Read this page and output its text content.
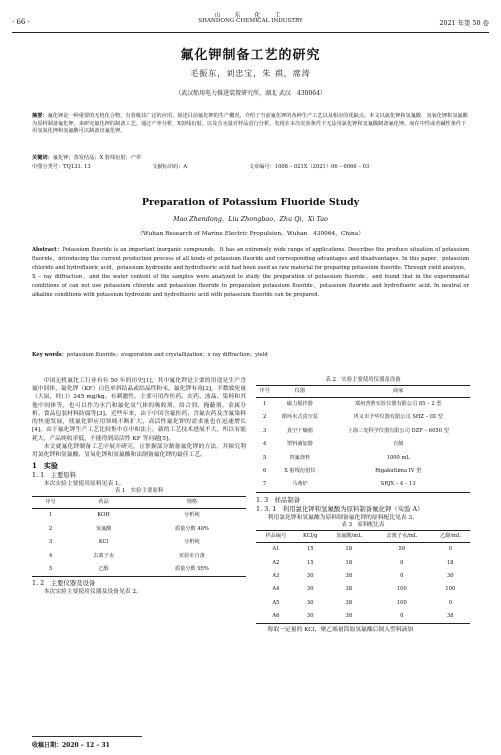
· 66 ·
山 东 化 工
SHANDONG CHEMICAL INDUSTRY	2021 年第 50 卷
氟化钾制备工艺的研究
毛振东，刘忠宝，朱 祺，席涛
（武汉船用电力推进装置研究所，湖北 武汉　430064）
摘要：氟化钾是一种重要的无机化合物，有着极其广泛的应用。简述目前氟化钾的生产概况，介绍了当前氟化钾的各种生产工艺以及相应的优缺点。本文以氯化钾和氢氟酸、氢氧化钾和氢氟酸为原料制备氟化钾，来研究氟化钾的制备工艺。通过产率分析，X射线衍射，以及含水量对样品进行分析，发现在本次实验条件下无法用氯化钾和氢氟酸制备氟化钾。而在中性或者碱性条件下用氢氧化钾和氢氟酸可以制备出氟化钾。
关键词：氟化钾；蒸发结晶；X 射线衍射；产率
中图分类号：TQ131. 13	文献标识码：A	文章编号：1008 – 021X（2021）06 – 0066 – 03
Preparation of Potassium Fluoride Study
Mao Zhendong，Liu Zhongbao，Zhu Qi，Xi Tao
（Wuhan Research of Marine Electric Propulsion，Wuhan　430064，China）
Abstract：Potassium fluoride is an important inorganic compounds，It has an extremely wide range of applications. Describes the produce situation of potassium fluoride，introducing the current production process of all kinds of potassium fluoride and corresponding advantages and disadvantages. In this paper，potassium chloride and hydrofluoric acid，potassium hydroxide and hydrofluoric acid had been used as raw material for preparing potassium fluoride. Through yield analysis，X – ray diffraction，and the water content of the samples were analyzed to study the preparation of potassium fluoride，and found that in the experimental conditions of can not use potassium chloride and potassium fluoride to preparation potassium fluoride，potassium fluoride and hydrofluoric acid. In neutral or alkaline conditions with potassium hydroxide and hydrofluoric acid with potassium fluoride can be prepared.
Key words：potassium fluoride；evaporation and crystallization；x ray diffraction；yield
中国无机氟化工行业有有 50 年的历史[1]，其中氟化钾是主要的用途是生产含氟中间体，氟化钾（KF）白色单斜结晶或结晶性粉末。氟化钾有毒[2]，半数致死量（大鼠，经口）245 mg/kg。有刺激性，主要可用作医药、农药、波晶、染料和其他中间体等，也可以作为水汽和氟化氢气体的吸收剂、络合剂、掩蔽剂、金属分析、食品包装材料防腐等[3]。近些年来，由于中国含氟医药、含氟农药及含氟染料的快速发展，使氟化钾应用领域不断扩大，高活性氟化钾的需求量也在迅速增长[4]。由于氟化钾生产工艺比较集中在中和法上，新的工艺技术进展不大，所以有能耗大，产品纯收率低，不能得到高活性 KF 等问题[5]。
本文就氟化钾制备工艺中展开研究，且掌握部分制备氟化钾的方法，并探究利用氯化钾和氢氟酸、氢氧化钾和氢氟酸和法制备氟化钾的最佳工艺。
1　实验
1. 1　主要原料
本次实验主要使用原料见表 1。
表 1　实验主要原料
序号	药品	规格
1	KOH	分析纯
2	氢氟酸	质量分数 40%
3	KCl	分析纯
4	去离子水	实验室自备
5	乙醇	质量分数 95%
1. 2　主要仪器及设备
本次实验主要使用仪器及设备见表 2。
收稿日期：2020 – 12 – 31
表 2　实验主要使用仪器及设备
序号	仪器	商家
1	磁力搅拌器	郑州普胜实验仪器有限公司 85 – 2 型
2	循环水式真空泵	巩义市予华仪器有限公司 SHZ – III 型
3	真空干燥箱	上海三发科学仪器有限公司 DZF – 6050 型
4	塑料滴加器	自制
5	四氟烧杯	1000 mL
6	X 射线衍射仪	Rigakultima IV 型
7	马弗炉	SRJX – 4 – 13
1. 3　样品制备
1. 3. 1　利用氯化钾和氢氟酸为原料制备氟化钾（实验 A）
利用氯化钾和氢氟酸为原料制备氟化钾的原料配比见表 3。
表 3　原料配比表
样品编号	KCl/g	氢氟酸/mL	去离子水/mL	乙醇/mL
A1	15	18	50	0
A2	15	18	0	18
A3	30	38	0	30
A4	30	38	100	100
A5	30	38	100	0
A6	30	38	0	38
称取一定量的 KCl，聚乙烯量筒取氢氟酸后倒入塑料滴加
